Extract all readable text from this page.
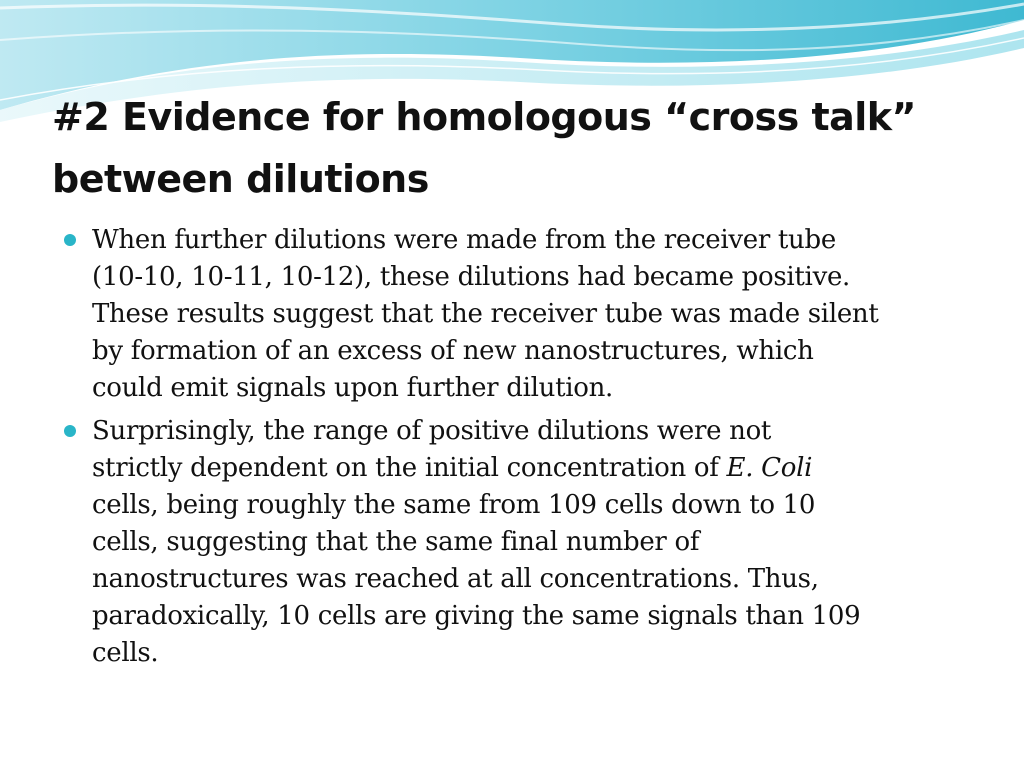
#2 Evidence for homologous “cross talk”
between dilutions
When further dilutions were made from the receiver tube
(10-10, 10-11, 10-12), these dilutions had became positive.
These results suggest that the receiver tube was made silent
by formation of an excess of new nanostructures, which
could emit signals upon further dilution.
Surprisingly, the range of positive dilutions were not
strictly dependent on the initial concentration of E. Coli
cells, being roughly the same from 109 cells down to 10
cells, suggesting that the same final number of
nanostructures was reached at all concentrations. Thus,
paradoxically, 10 cells are giving the same signals than 109
cells.
